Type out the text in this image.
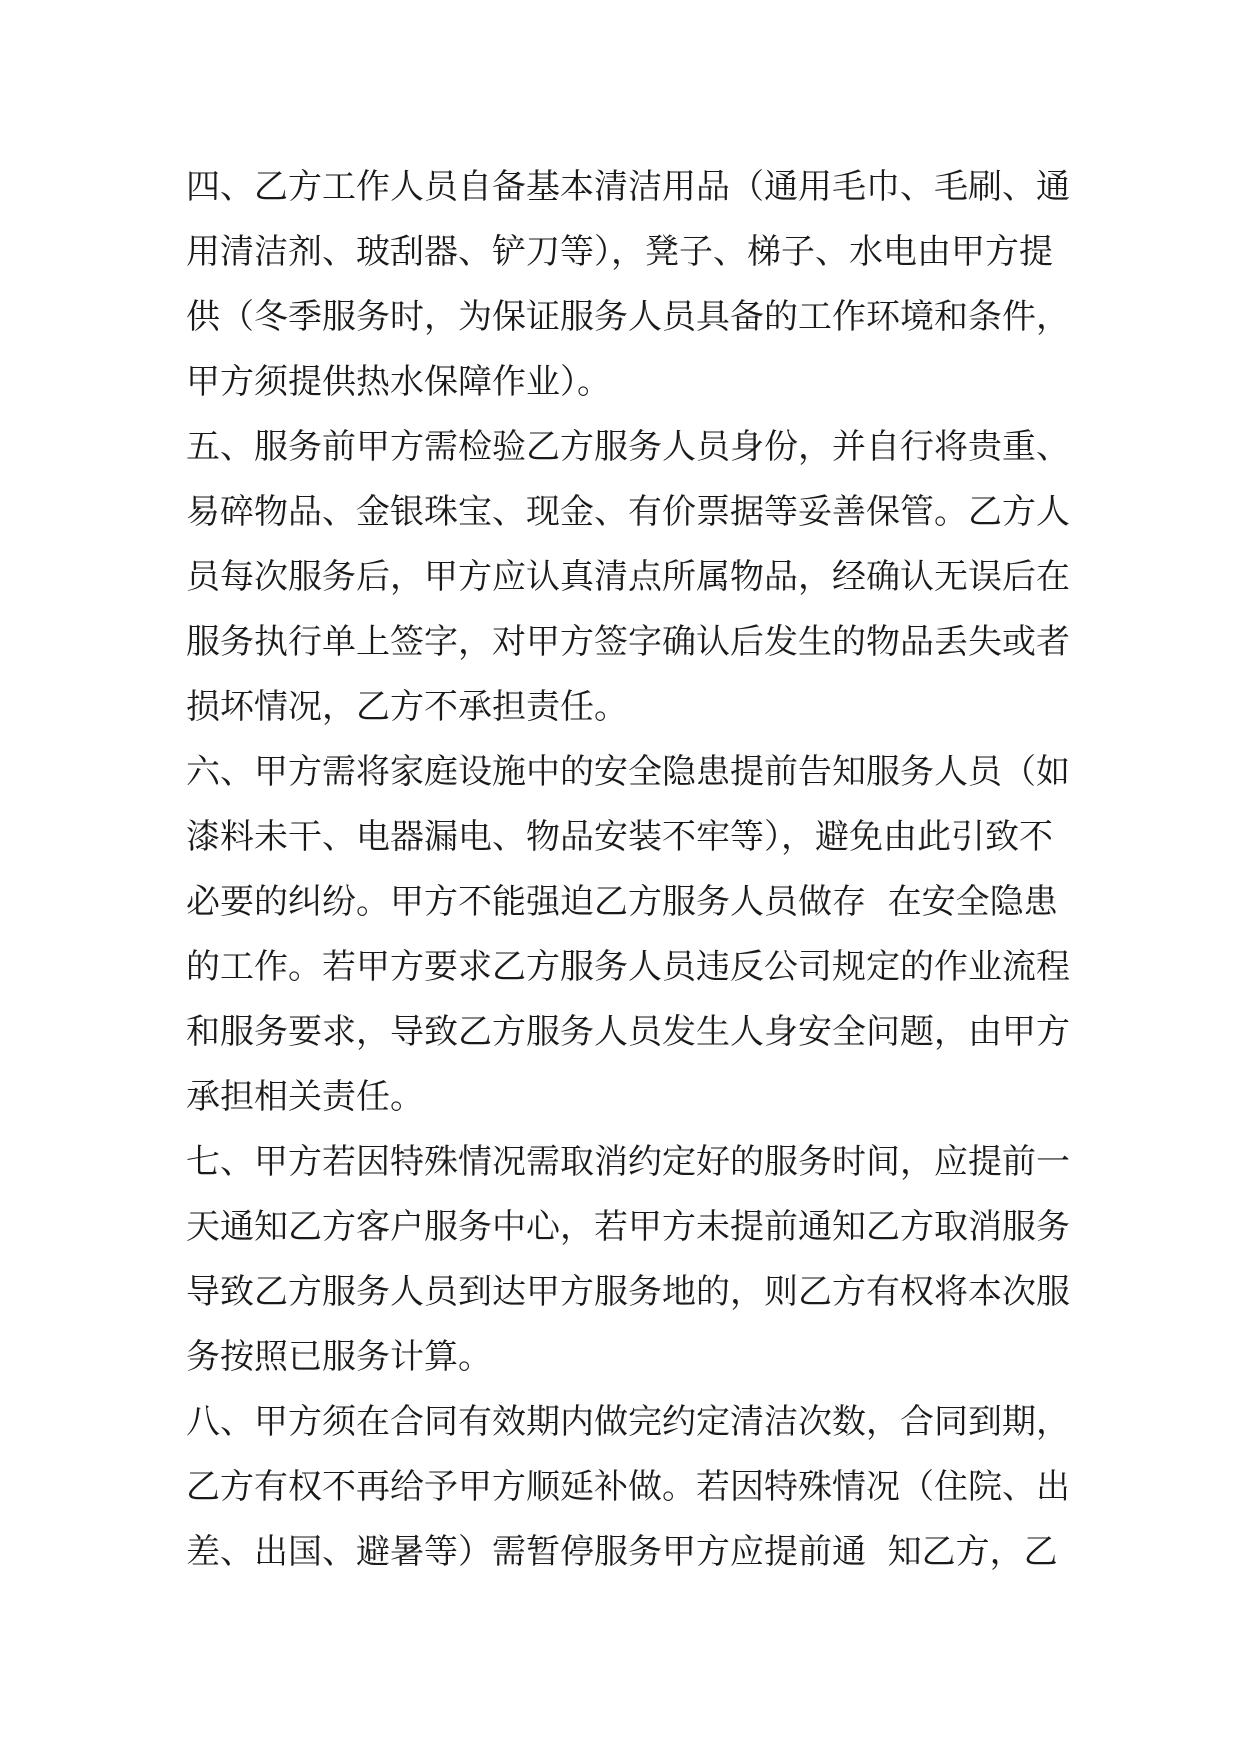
四、乙方工作人员自备基本清洁用品（通用毛巾、毛刷、通
用清洁剂、玻刮器、铲刀等），凳子、梯子、水电由甲方提
供（冬季服务时，为保证服务人员具备的工作环境和条件，
甲方须提供热水保障作业）。
五、服务前甲方需检验乙方服务人员身份，并自行将贵重、
易碎物品、金银珠宝、现金、有价票据等妥善保管。乙方人
员每次服务后，甲方应认真清点所属物品，经确认无误后在
服务执行单上签字，对甲方签字确认后发生的物品丢失或者
损坏情况，乙方不承担责任。
六、甲方需将家庭设施中的安全隐患提前告知服务人员（如
漆料未干、电器漏电、物品安装不牢等），避免由此引致不
必要的纠纷。甲方不能强迫乙方服务人员做存  在安全隐患
的工作。若甲方要求乙方服务人员违反公司规定的作业流程
和服务要求，导致乙方服务人员发生人身安全问题，由甲方
承担相关责任。
七、甲方若因特殊情况需取消约定好的服务时间，应提前一
天通知乙方客户服务中心，若甲方未提前通知乙方取消服务
导致乙方服务人员到达甲方服务地的，则乙方有权将本次服
务按照已服务计算。
八、甲方须在合同有效期内做完约定清洁次数，合同到期，
乙方有权不再给予甲方顺延补做。若因特殊情况（住院、出
差、出国、避暑等）需暂停服务甲方应提前通  知乙方，乙
